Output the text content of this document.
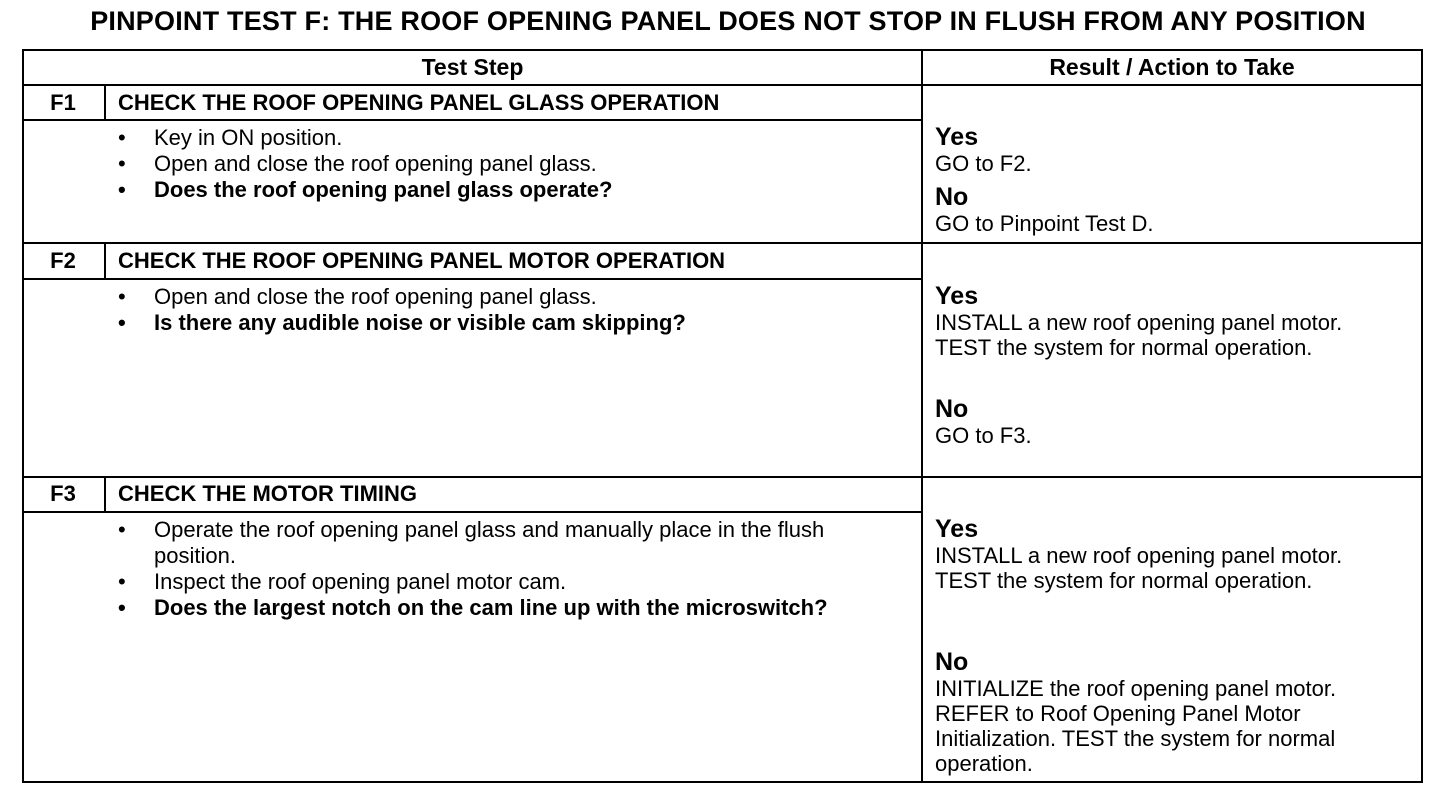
PINPOINT TEST F: THE ROOF OPENING PANEL DOES NOT STOP IN FLUSH FROM ANY POSITION
Test Step	Result / Action to Take
F1	CHECK THE ROOF OPENING PANEL GLASS OPERATION
• Key in ON position.
• Open and close the roof opening panel glass.
• Does the roof opening panel glass operate?
Yes
GO to F2.
No
GO to Pinpoint Test D.
F2	CHECK THE ROOF OPENING PANEL MOTOR OPERATION
• Open and close the roof opening panel glass.
• Is there any audible noise or visible cam skipping?
Yes
INSTALL a new roof opening panel motor.
TEST the system for normal operation.
No
GO to F3.
F3	CHECK THE MOTOR TIMING
• Operate the roof opening panel glass and manually place in the flush position.
• Inspect the roof opening panel motor cam.
• Does the largest notch on the cam line up with the microswitch?
Yes
INSTALL a new roof opening panel motor.
TEST the system for normal operation.
No
INITIALIZE the roof opening panel motor.
REFER to Roof Opening Panel Motor
Initialization. TEST the system for normal
operation.
